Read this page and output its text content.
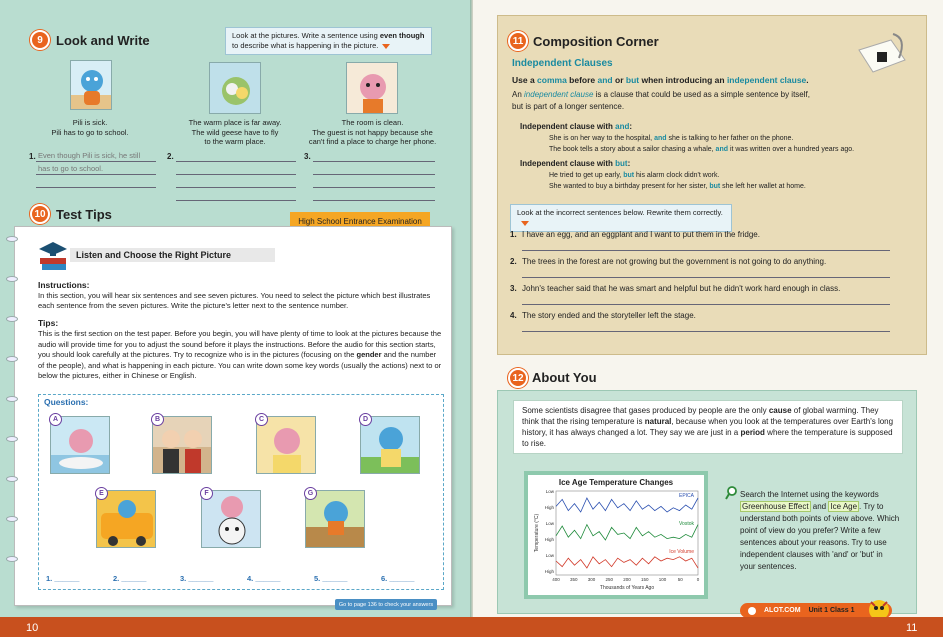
9	Look and Write	Look at the pictures. Write a sentence using even though to describe what is happening in the picture.
Pili is sick.
Pili has to go to school.
The warm place is far away.
The wild geese have to fly
to the warm place.
The room is clean.
The guest is not happy because she
can't find a place to charge her phone.
1. Even though Pili is sick, he still
has to go to school.
2.	3.
10 Test Tips	High School Entrance Examination
Listen and Choose the Right Picture
Instructions:
In this section, you will hear six sentences and see seven pictures. You need to select the picture which best illustrates each sentence from the seven pictures. Write the picture's letter next to the sentence number.
Tips:
This is the first section on the test paper. Before you begin, you will have plenty of time to look at the pictures because the audio will provide time for you to adjust the sound before it plays the instructions. Before the audio for this section starts, you should look carefully at the pictures. Try to recognize who is in the pictures (focusing on the gender and the number of the people), and what is happening in each picture. You can write down some key words (usually the actions) next to or below the pictures, either in Chinese or English.
Questions:
A	B	C	D
E	F	G
1. ______	2. ______	3. ______	4. ______	5. ______	6. ______
Go to page 136 to check your answers
11 Composition Corner
Independent Clauses
Use a comma before and or but when introducing an independent clause.
An independent clause is a clause that could be used as a simple sentence by itself,
but is part of a longer sentence.
Independent clause with and:
She is on her way to the hospital, and she is talking to her father on the phone.
The book tells a story about a sailor chasing a whale, and it was written over a hundred years ago.
Independent clause with but:
He tried to get up early, but his alarm clock didn't work.
She wanted to buy a birthday present for her sister, but she left her wallet at home.
Look at the incorrect sentences below. Rewrite them correctly.
1. I have an egg, and an eggplant and I want to put them in the fridge.
2. The trees in the forest are not growing but the government is not going to do anything.
3. John's teacher said that he was smart and helpful but he didn't work hard enough in class.
4. The story ended and the storyteller left the stage.
12 About You
Some scientists disagree that gases produced by people are the only cause of global warming. They think that the rising temperature is natural, because when you look at the temperatures over Earth's long history, it has always changed a lot. They say we are just in a period where the temperature is supposed to rise.
Ice Age Temperature Changes
EPICA
Vostok
Ice Volume
Low
High
Low
High
Low
High
400 350 300 250 200 150 100	50	0
Thousands of Years Ago
Temperature (°C)
Search the Internet using the keywords Greenhouse Effect and Ice Age . Try to understand both points of view above. Which point of view do you prefer? Write a few sentences about your reasons. Try to use independent clauses with 'and' or 'but' in your sentences.
ALOT.COM Unit 1 Class 1
10	11
